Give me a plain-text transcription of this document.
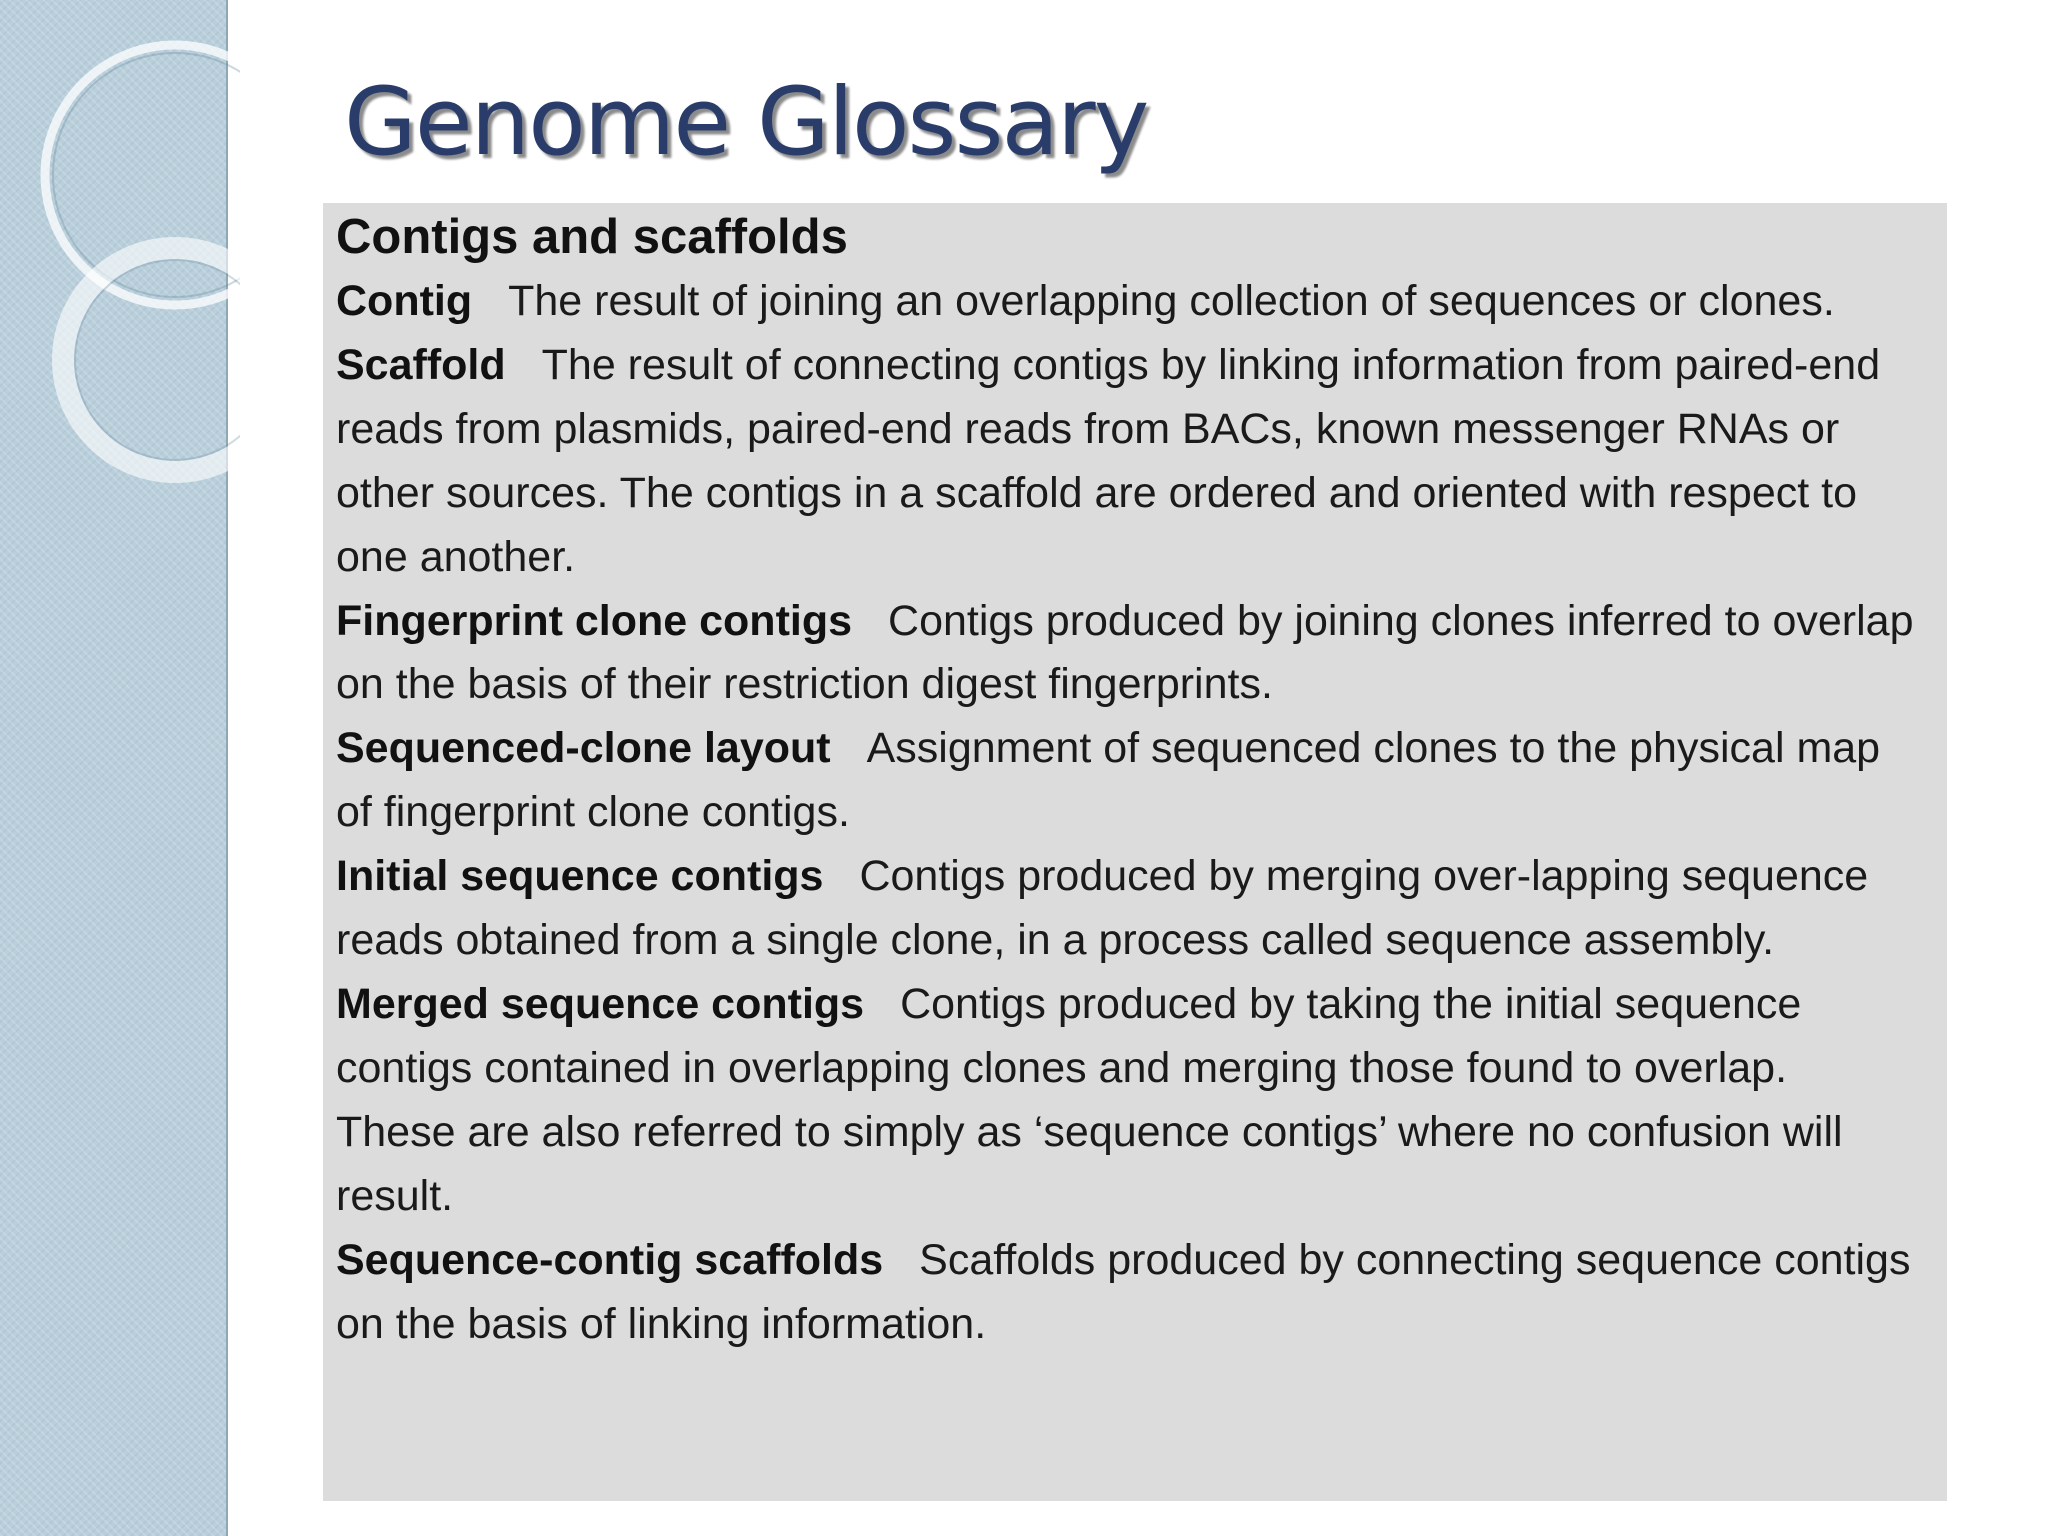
Genome Glossary
Contigs and scaffolds

Contig The result of joining an overlapping collection of sequences or clones.

Scaffold The result of connecting contigs by linking information from paired-end reads from plasmids, paired-end reads from BACs, known messenger RNAs or other sources. The contigs in a scaffold are ordered and oriented with respect to one another.

Fingerprint clone contigs Contigs produced by joining clones inferred to overlap on the basis of their restriction digest fingerprints.

Sequenced-clone layout Assignment of sequenced clones to the physical map of fingerprint clone contigs.

Initial sequence contigs Contigs produced by merging over-lapping sequence reads obtained from a single clone, in a process called sequence assembly.

Merged sequence contigs Contigs produced by taking the initial sequence contigs contained in overlapping clones and merging those found to overlap. These are also referred to simply as ‘sequence contigs’ where no confusion will result.

Sequence-contig scaffolds Scaffolds produced by connecting sequence contigs on the basis of linking information.
